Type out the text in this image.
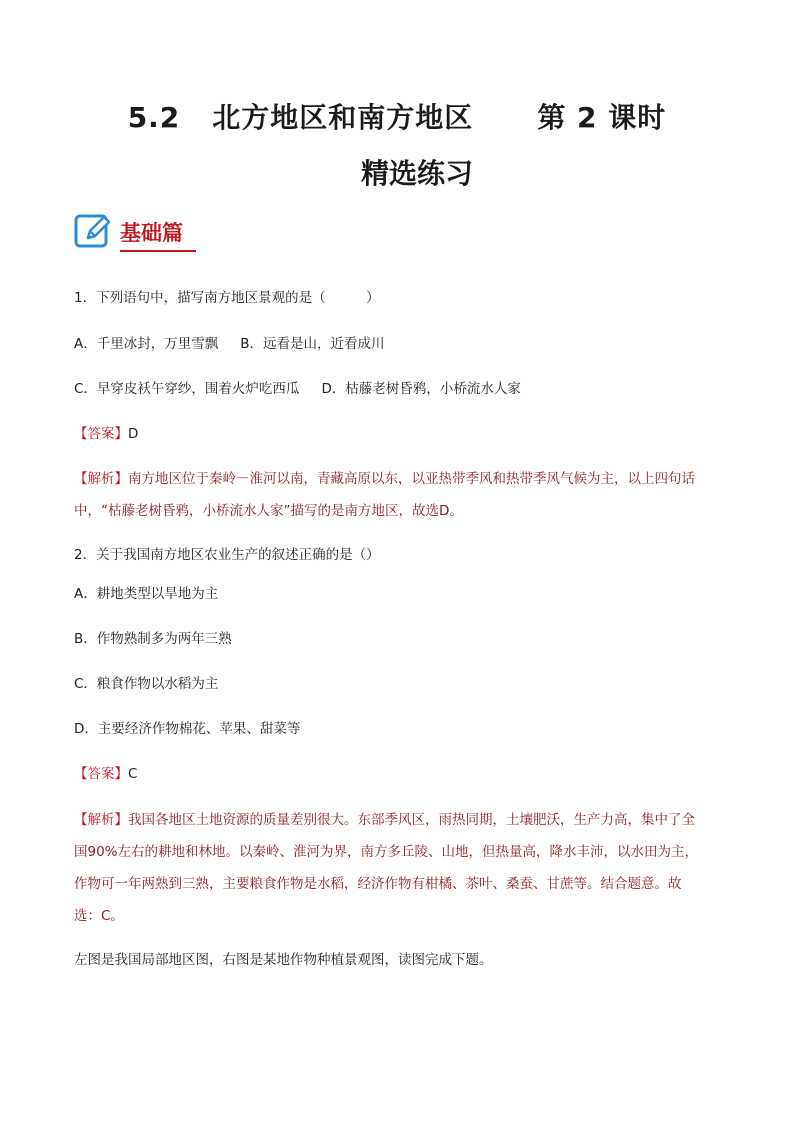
5.2 北方地区和南方地区 第 2 课时
精选练习
基础篇
1．下列语句中，描写南方地区景观的是（　　　）
A．千里冰封，万里雪飘 B．远看是山，近看成川
C．早穿皮袄午穿纱，围着火炉吃西瓜 D．枯藤老树昏鸦，小桥流水人家
【答案】D
【解析】南方地区位于秦岭－淮河以南，青藏高原以东，以亚热带季风和热带季风气候为主，以上四句话
中，“枯藤老树昏鸦，小桥流水人家”描写的是南方地区，故选D。
2．关于我国南方地区农业生产的叙述正确的是（）
A．耕地类型以旱地为主
B．作物熟制多为两年三熟
C．粮食作物以水稻为主
D．主要经济作物棉花、苹果、甜菜等
【答案】C
【解析】我国各地区土地资源的质量差别很大。东部季风区，雨热同期，土壤肥沃，生产力高，集中了全
国90%左右的耕地和林地。以秦岭、淮河为界，南方多丘陵、山地，但热量高，降水丰沛，以水田为主，
作物可一年两熟到三熟，主要粮食作物是水稻，经济作物有柑橘、茶叶、桑蚕、甘蔗等。结合题意。故
选：C。
左图是我国局部地区图，右图是某地作物种植景观图，读图完成下题。
